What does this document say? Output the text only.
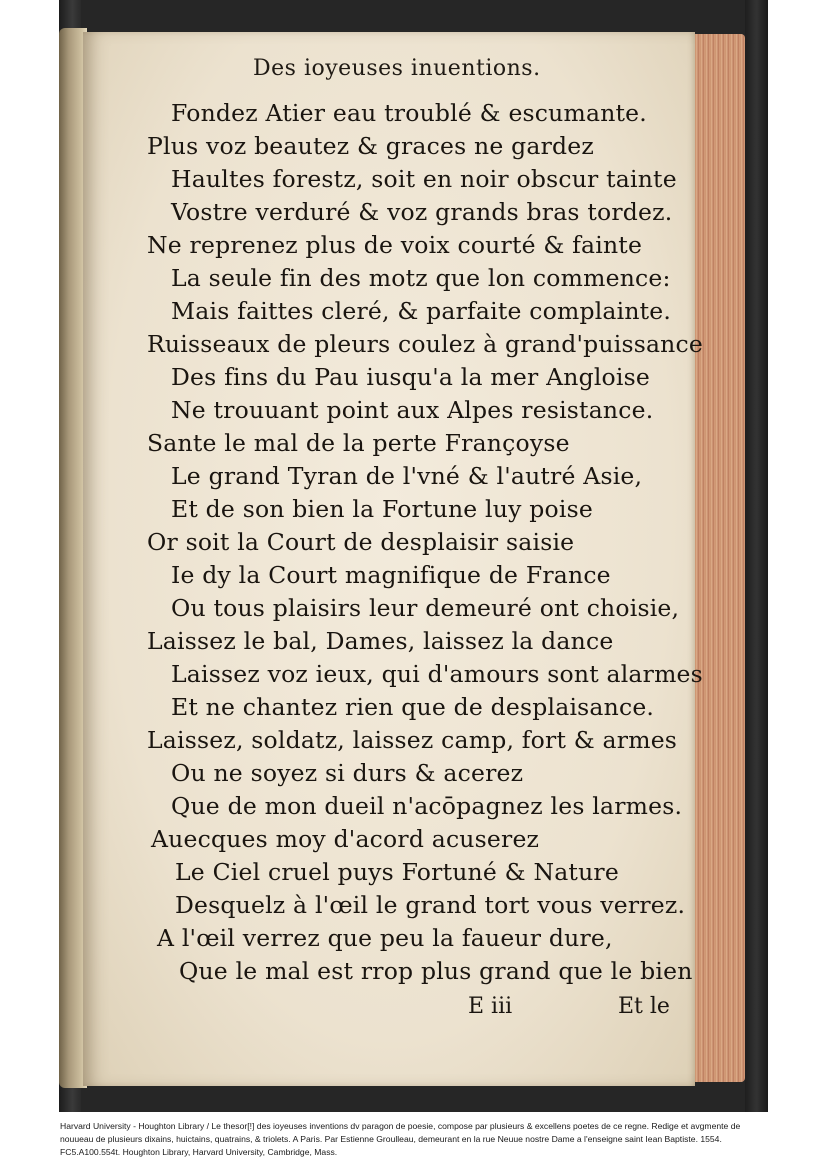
Des ioyeuses inuentions.
Fondez Atier eau troublé & escumante.
Plus voz beautez & graces ne gardez
Haultes forestz, soit en noir obscur tainte
Vostre verduré & voz grands bras tordez.
Ne reprenez plus de voix courté & fainte
La seule fin des motz que lon commence:
Mais faittes cleré, & parfaite complainte.
Ruisseaux de pleurs coulez à grand'puissance
Des fins du Pau iusqu'a la mer Angloise
Ne trouuant point aux Alpes resistance.
Sante le mal de la perte Françoyse
Le grand Tyran de l'vné & l'autré Asie,
Et de son bien la Fortune luy poise
Or soit la Court de desplaisir saisie
Ie dy la Court magnifique de France
Ou tous plaisirs leur demeuré ont choisie,
Laissez le bal, Dames, laissez la dance
Laissez voz ieux, qui d'amours sont alarmes
Et ne chantez rien que de desplaisance.
Laissez, soldatz, laissez camp, fort & armes
Ou ne soyez si durs & acerez
Que de mon dueil n'acōpagnez les larmes.
Auecques moy d'acord acuserez
Le Ciel cruel puys Fortuné & Nature
Desquelz à l'œil le grand tort vous verrez.
A l'œil verrez que peu la faueur dure,
Que le mal est rrop plus grand que le bien
E iii	Et le
Harvard University - Houghton Library / Le thesor[!] des ioyeuses inventions dv paragon de poesie, compose par plusieurs & excellens poetes de ce regne. Redige et avgmente de nouueau de plusieurs dixains, huictains, quatrains, & triolets. A Paris. Par Estienne Groulleau, demeurant en la rue Neuue nostre Dame a l'enseigne saint Iean Baptiste. 1554. FC5.A100.554t. Houghton Library, Harvard University, Cambridge, Mass.
